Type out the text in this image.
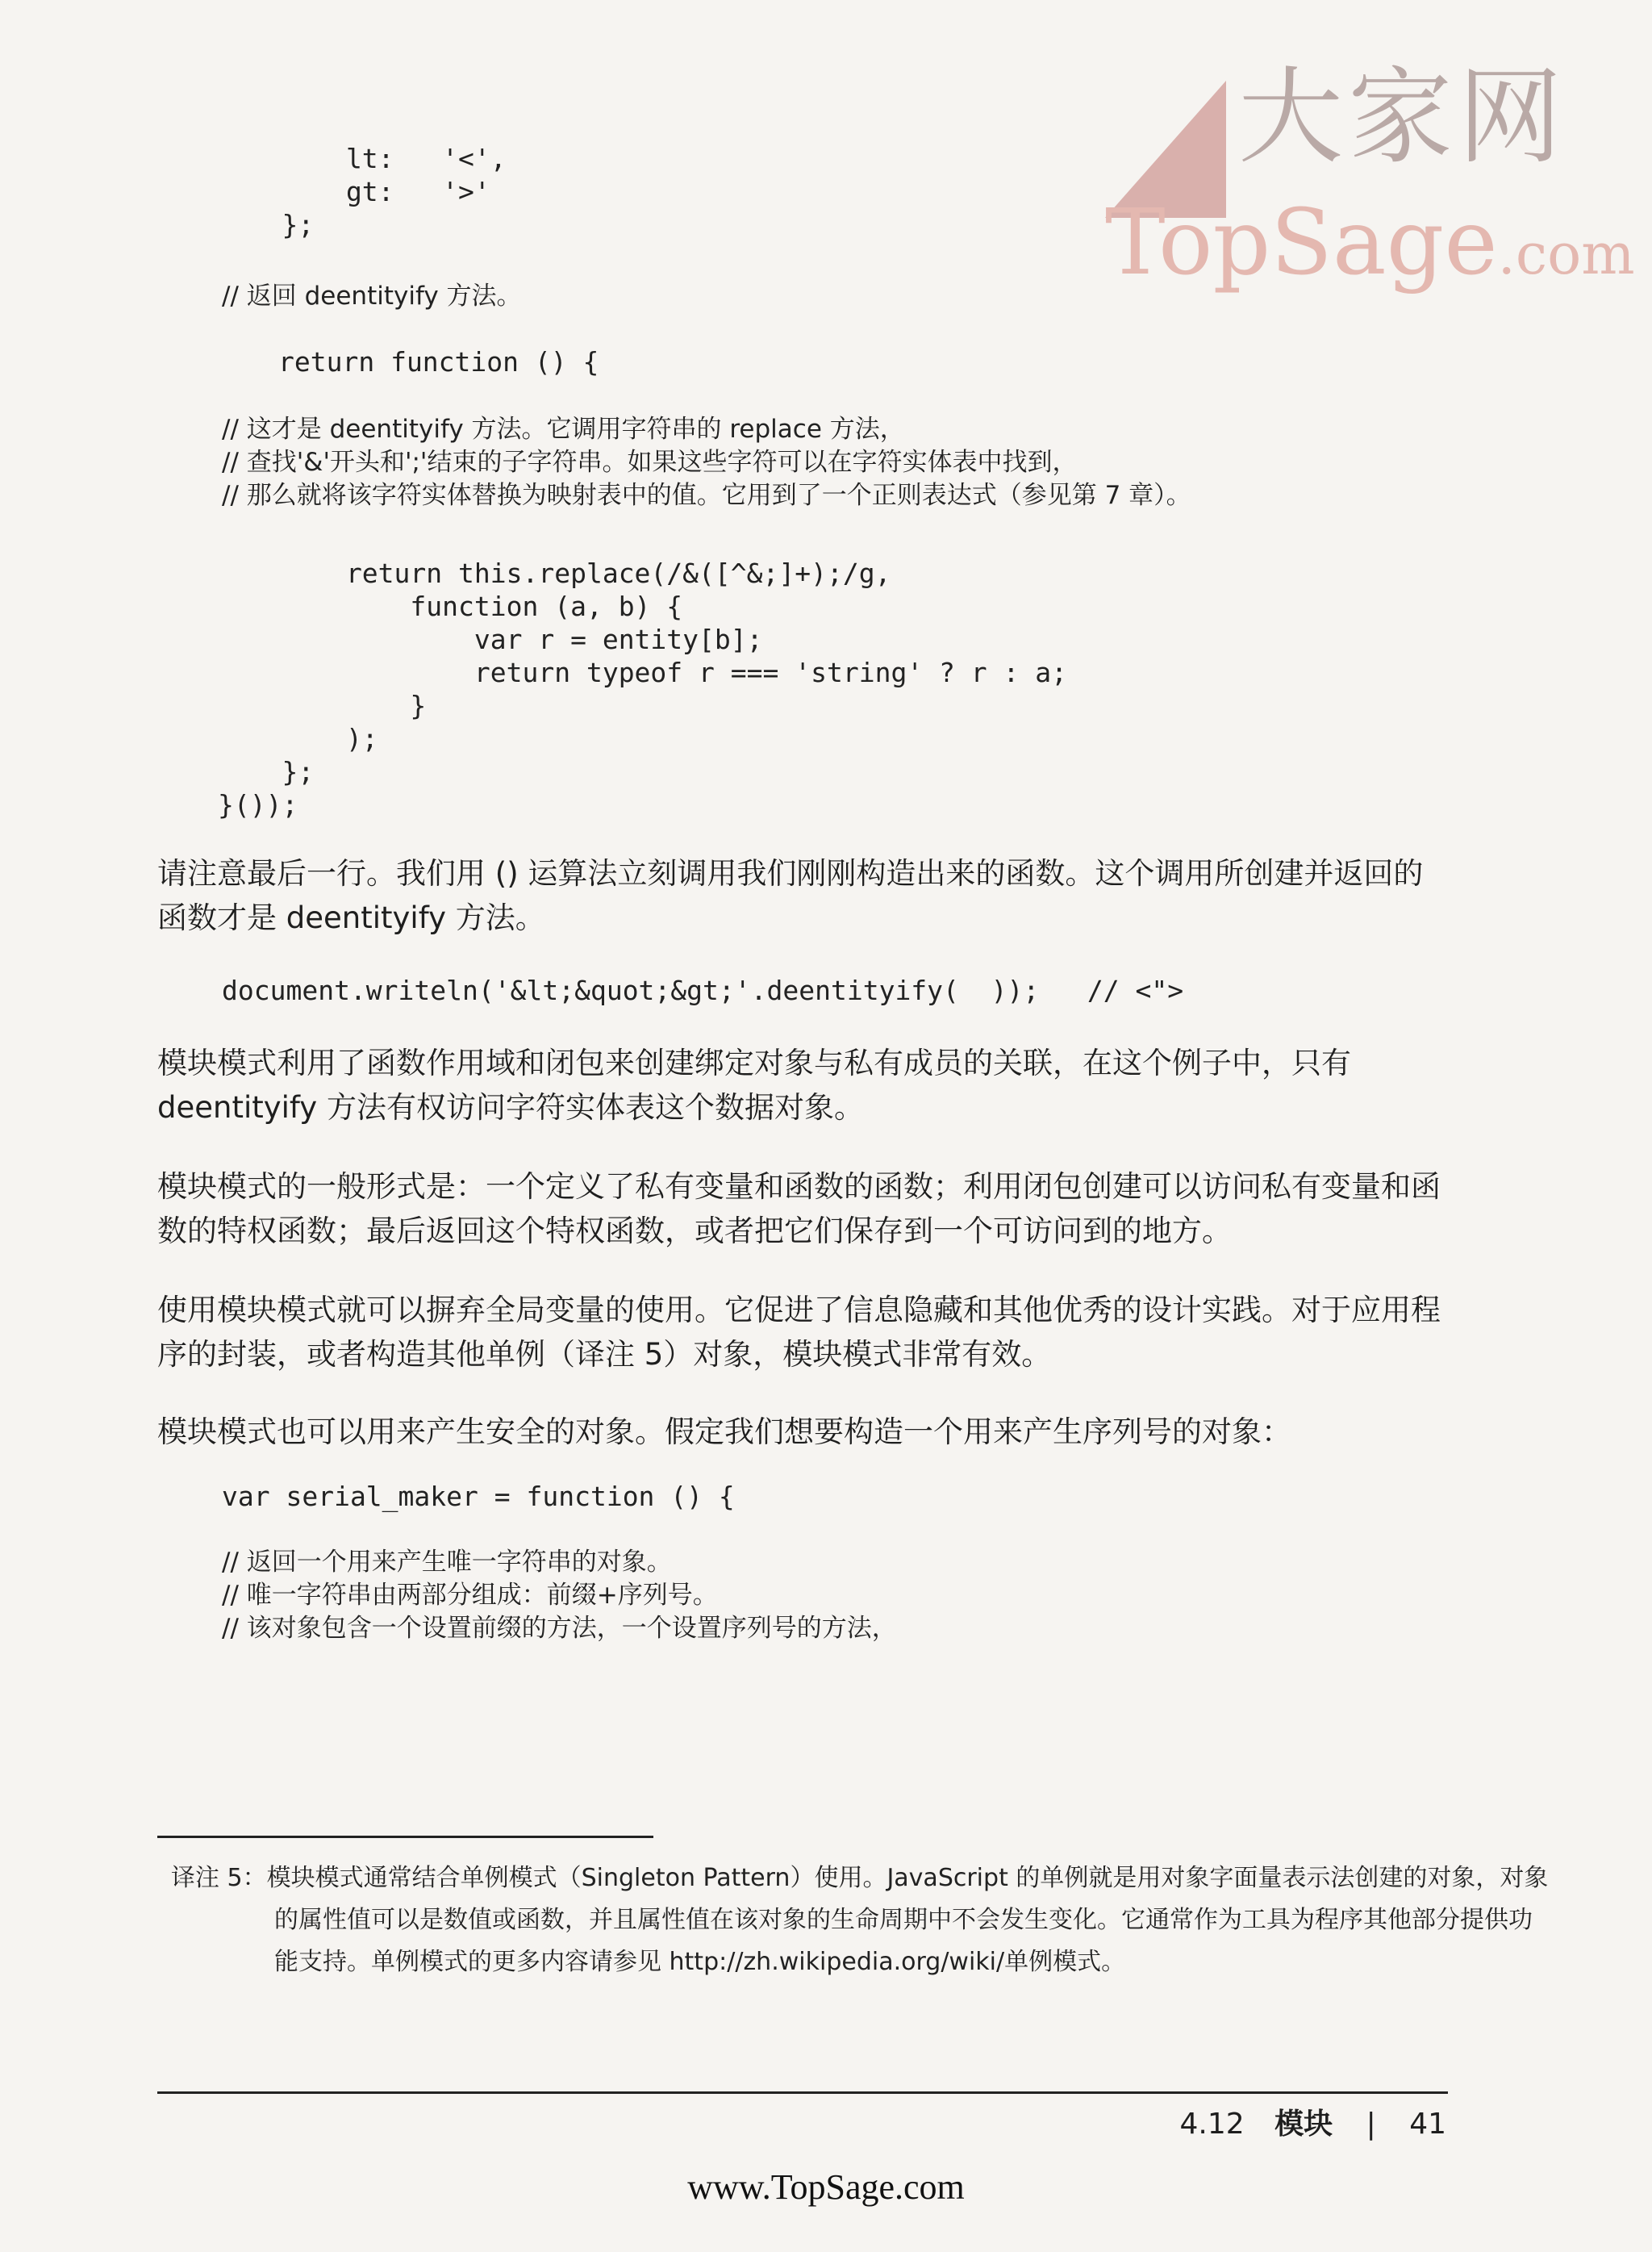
大家网
TopSage.com
lt:   '<',
gt:   '>'
};
// 返回 deentityify 方法。
return function () {
// 这才是 deentityify 方法。它调用字符串的 replace 方法，
// 查找'&'开头和';'结束的子字符串。如果这些字符可以在字符实体表中找到，
// 那么就将该字符实体替换为映射表中的值。它用到了一个正则表达式（参见第 7 章）。
return this.replace(/&([^&;]+);/g,
function (a, b) {
var r = entity[b];
return typeof r === 'string' ? r : a;
}
);
};
}());

请注意最后一行。我们用 () 运算法立刻调用我们刚刚构造出来的函数。这个调用所创建并返回的函数才是 deentityify 方法。

document.writeln('&lt;&quot;&gt;'.deentityify(  ));   // <">

模块模式利用了函数作用域和闭包来创建绑定对象与私有成员的关联，在这个例子中，只有 deentityify 方法有权访问字符实体表这个数据对象。

模块模式的一般形式是：一个定义了私有变量和函数的函数；利用闭包创建可以访问私有变量和函数的特权函数；最后返回这个特权函数，或者把它们保存到一个可访问到的地方。

使用模块模式就可以摒弃全局变量的使用。它促进了信息隐藏和其他优秀的设计实践。对于应用程序的封装，或者构造其他单例（译注 5）对象，模块模式非常有效。

模块模式也可以用来产生安全的对象。假定我们想要构造一个用来产生序列号的对象：

var serial_maker = function () {
// 返回一个用来产生唯一字符串的对象。
// 唯一字符串由两部分组成：前缀+序列号。
// 该对象包含一个设置前缀的方法，一个设置序列号的方法，

译注 5：模块模式通常结合单例模式（Singleton Pattern）使用。JavaScript 的单例就是用对象字面量表示法创建的对象，对象的属性值可以是数值或函数，并且属性值在该对象的生命周期中不会发生变化。它通常作为工具为程序其他部分提供功能支持。单例模式的更多内容请参见 http://zh.wikipedia.org/wiki/单例模式。

4.12 模块 | 41
www.TopSage.com
